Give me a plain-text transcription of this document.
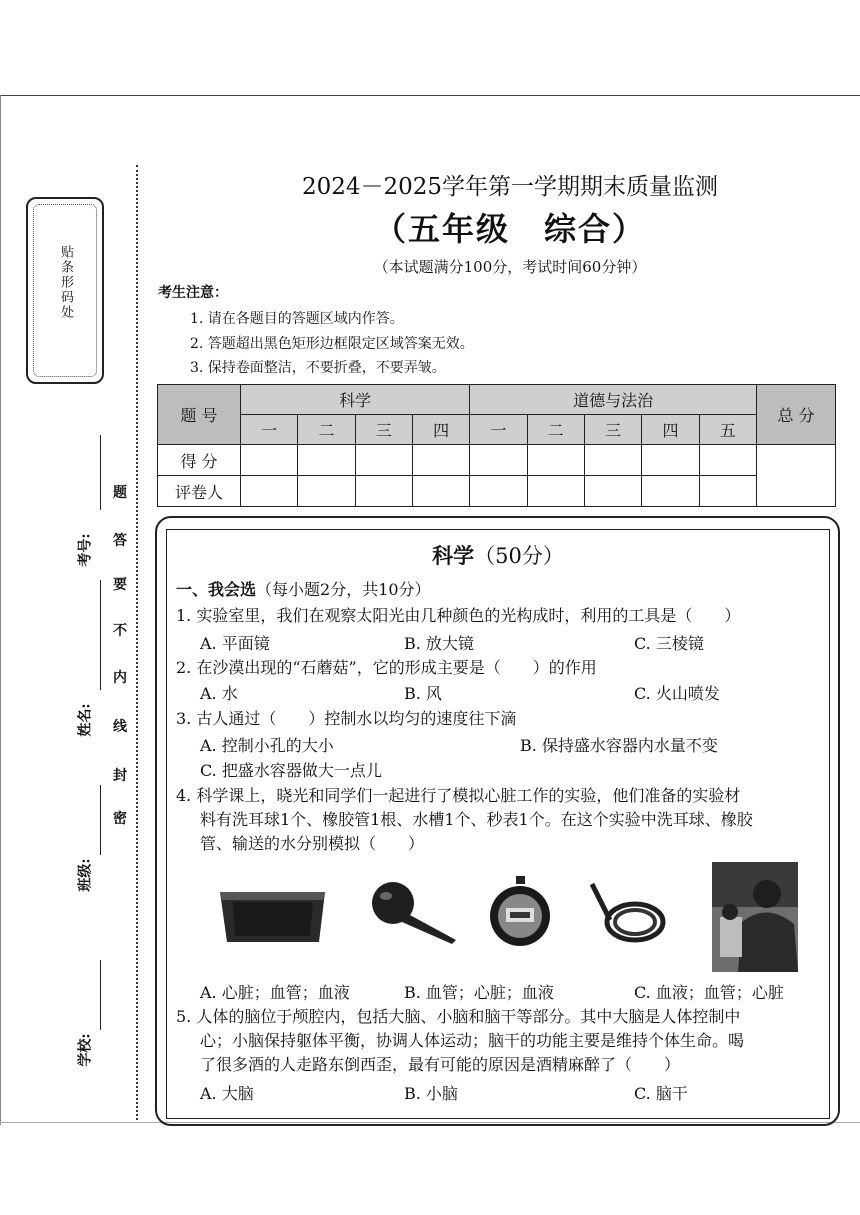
贴条形码处
考号:
姓名:
班级:
学校:
题
答
要
不
内
线
封
密
2024－2025学年第一学期期末质量监测
（五年级　综合）
（本试题满分100分，考试时间60分钟）
考生注意：
1. 请在各题目的答题区域内作答。
2. 答题超出黑色矩形边框限定区域答案无效。
3. 保持卷面整洁，不要折叠，不要弄皱。
题 号	科学				道德与法治					总 分
	一	二	三	四	一	二	三	四	五	
得 分										
评卷人										
科学（50分）
一、我会选（每小题2分，共10分）
1. 实验室里，我们在观察太阳光由几种颜色的光构成时，利用的工具是（　　）
A. 平面镜	B. 放大镜	C. 三棱镜
2. 在沙漠出现的“石蘑菇”，它的形成主要是（　　）的作用
A. 水	B. 风	C. 火山喷发
3. 古人通过（　　）控制水以均匀的速度往下滴
A. 控制小孔的大小	B. 保持盛水容器内水量不变
C. 把盛水容器做大一点儿
4. 科学课上，晓光和同学们一起进行了模拟心脏工作的实验，他们准备的实验材
料有洗耳球1个、橡胶管1根、水槽1个、秒表1个。在这个实验中洗耳球、橡胶
管、输送的水分别模拟（　　）
A. 心脏；血管；血液	B. 血管；心脏；血液	C. 血液；血管；心脏
5. 人体的脑位于颅腔内，包括大脑、小脑和脑干等部分。其中大脑是人体控制中
心；小脑保持躯体平衡，协调人体运动；脑干的功能主要是维持个体生命。喝
了很多酒的人走路东倒西歪，最有可能的原因是酒精麻醉了（　　）
A. 大脑	B. 小脑	C. 脑干
